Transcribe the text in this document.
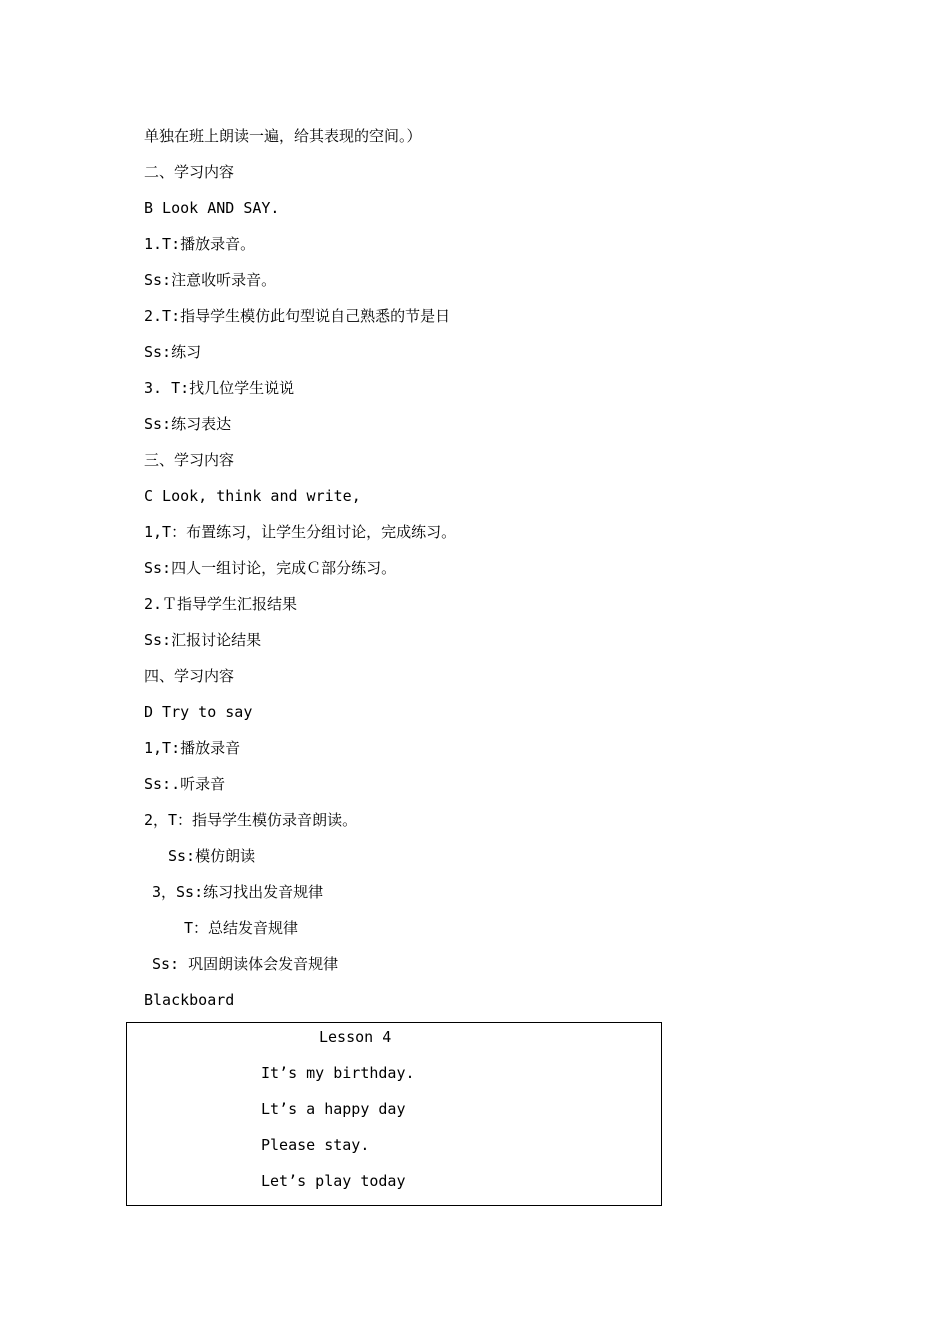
单独在班上朗读一遍，给其表现的空间。）
二、学习内容
B Look AND SAY.
1.T:播放录音。
Ss:注意收听录音。
2.T:指导学生模仿此句型说自己熟悉的节是日
Ss:练习
3. T:找几位学生说说
Ss:练习表达
三、学习内容
C Look, think and write,
1,T：布置练习，让学生分组讨论，完成练习。
Ss:四人一组讨论，完成Ｃ部分练习。
2.Ｔ指导学生汇报结果
Ss:汇报讨论结果
四、学习内容
D Try to say
1,T:播放录音
Ss:.听录音
2，T：指导学生模仿录音朗读。
Ss:模仿朗读
3，Ss:练习找出发音规律
T：总结发音规律
Ss: 巩固朗读体会发音规律
Blackboard
Lesson 4
It’s my birthday.
Lt’s a happy day
Please stay.
Let’s play today
